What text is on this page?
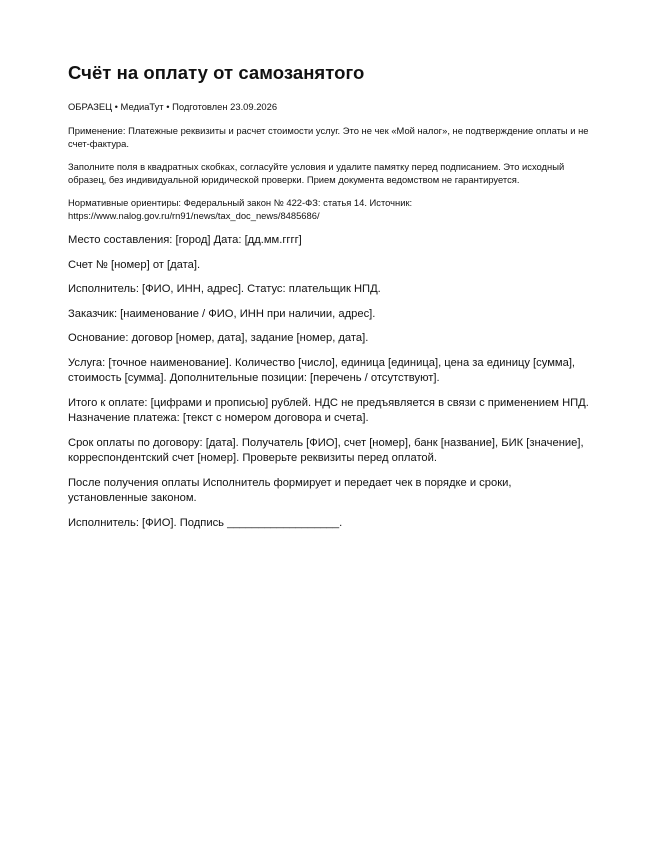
Счёт на оплату от самозанятого

ОБРАЗЕЦ • МедиаТут • Подготовлен 23.09.2026

Применение: Платежные реквизиты и расчет стоимости услуг. Это не чек «Мой налог», не подтверждение оплаты и не счет-фактура.

Заполните поля в квадратных скобках, согласуйте условия и удалите памятку перед подписанием. Это исходный образец, без индивидуальной юридической проверки. Прием документа ведомством не гарантируется.

Нормативные ориентиры: Федеральный закон № 422-ФЗ: статья 14. Источник: https://www.nalog.gov.ru/rn91/news/tax_doc_news/8485686/

Место составления: [город] Дата: [дд.мм.гггг]

Счет № [номер] от [дата].

Исполнитель: [ФИО, ИНН, адрес]. Статус: плательщик НПД.

Заказчик: [наименование / ФИО, ИНН при наличии, адрес].

Основание: договор [номер, дата], задание [номер, дата].

Услуга: [точное наименование]. Количество [число], единица [единица], цена за единицу [сумма], стоимость [сумма]. Дополнительные позиции: [перечень / отсутствуют].

Итого к оплате: [цифрами и прописью] рублей. НДС не предъявляется в связи с применением НПД. Назначение платежа: [текст с номером договора и счета].

Срок оплаты по договору: [дата]. Получатель [ФИО], счет [номер], банк [название], БИК [значение], корреспондентский счет [номер]. Проверьте реквизиты перед оплатой.

После получения оплаты Исполнитель формирует и передает чек в порядке и сроки, установленные законом.

Исполнитель: [ФИО]. Подпись __________________.
